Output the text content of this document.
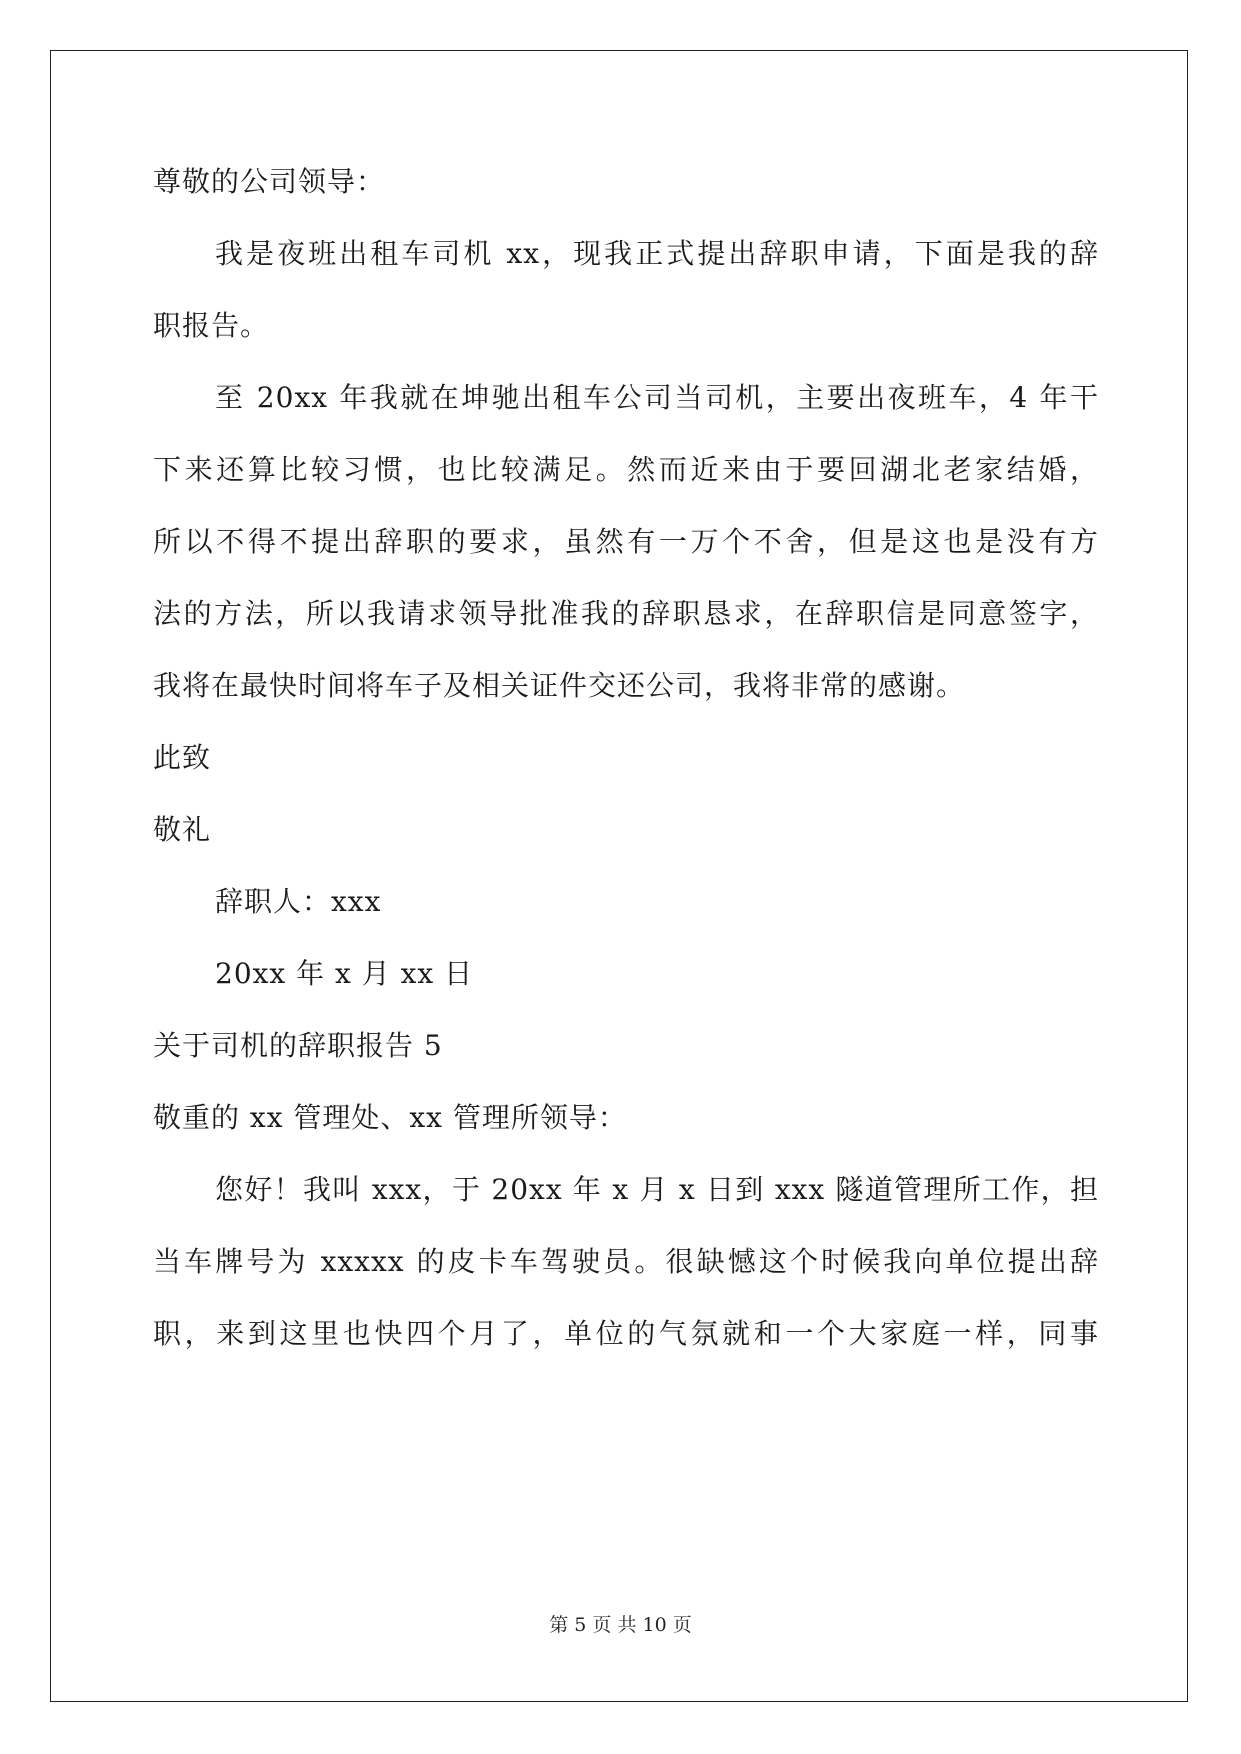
尊敬的公司领导：
我是夜班出租车司机 xx，现我正式提出辞职申请，下面是我的辞
职报告。
至 20xx 年我就在坤驰出租车公司当司机，主要出夜班车，4 年干
下来还算比较习惯，也比较满足。然而近来由于要回湖北老家结婚，
所以不得不提出辞职的要求，虽然有一万个不舍，但是这也是没有方
法的方法，所以我请求领导批准我的辞职恳求，在辞职信是同意签字，
我将在最快时间将车子及相关证件交还公司，我将非常的感谢。
此致
敬礼
辞职人：xxx
20xx 年 x 月 xx 日
关于司机的辞职报告 5
敬重的 xx 管理处、xx 管理所领导：
您好！我叫 xxx，于 20xx 年 x 月 x 日到 xxx 隧道管理所工作，担
当车牌号为 xxxxx 的皮卡车驾驶员。很缺憾这个时候我向单位提出辞
职，来到这里也快四个月了，单位的气氛就和一个大家庭一样，同事
第 5 页 共 10 页
